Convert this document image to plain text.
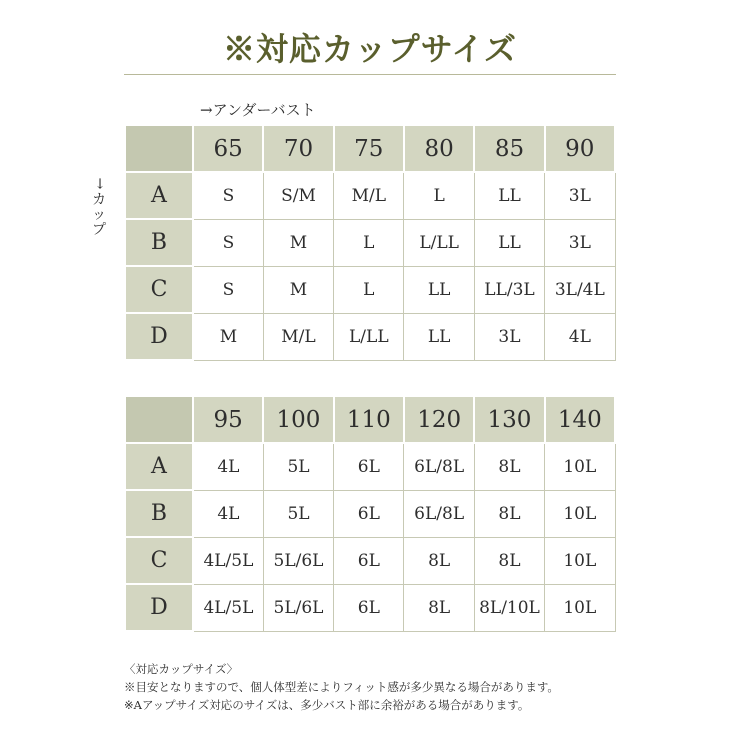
※対応カップサイズ
→アンダーバスト
→
カ
ッ
プ
	65	70	75	80	85	90
A	S	S/M	M/L	L	LL	3L
B	S	M	L	L/LL	LL	3L
C	S	M	L	LL	LL/3L	3L/4L
D	M	M/L	L/LL	LL	3L	4L
	95	100	110	120	130	140
A	4L	5L	6L	6L/8L	8L	10L
B	4L	5L	6L	6L/8L	8L	10L
C	4L/5L	5L/6L	6L	8L	8L	10L
D	4L/5L	5L/6L	6L	8L	8L/10L	10L
〈対応カップサイズ〉
※目安となりますので、個人体型差によりフィット感が多少異なる場合があります。
※Aアップサイズ対応のサイズは、多少バスト部に余裕がある場合があります。
